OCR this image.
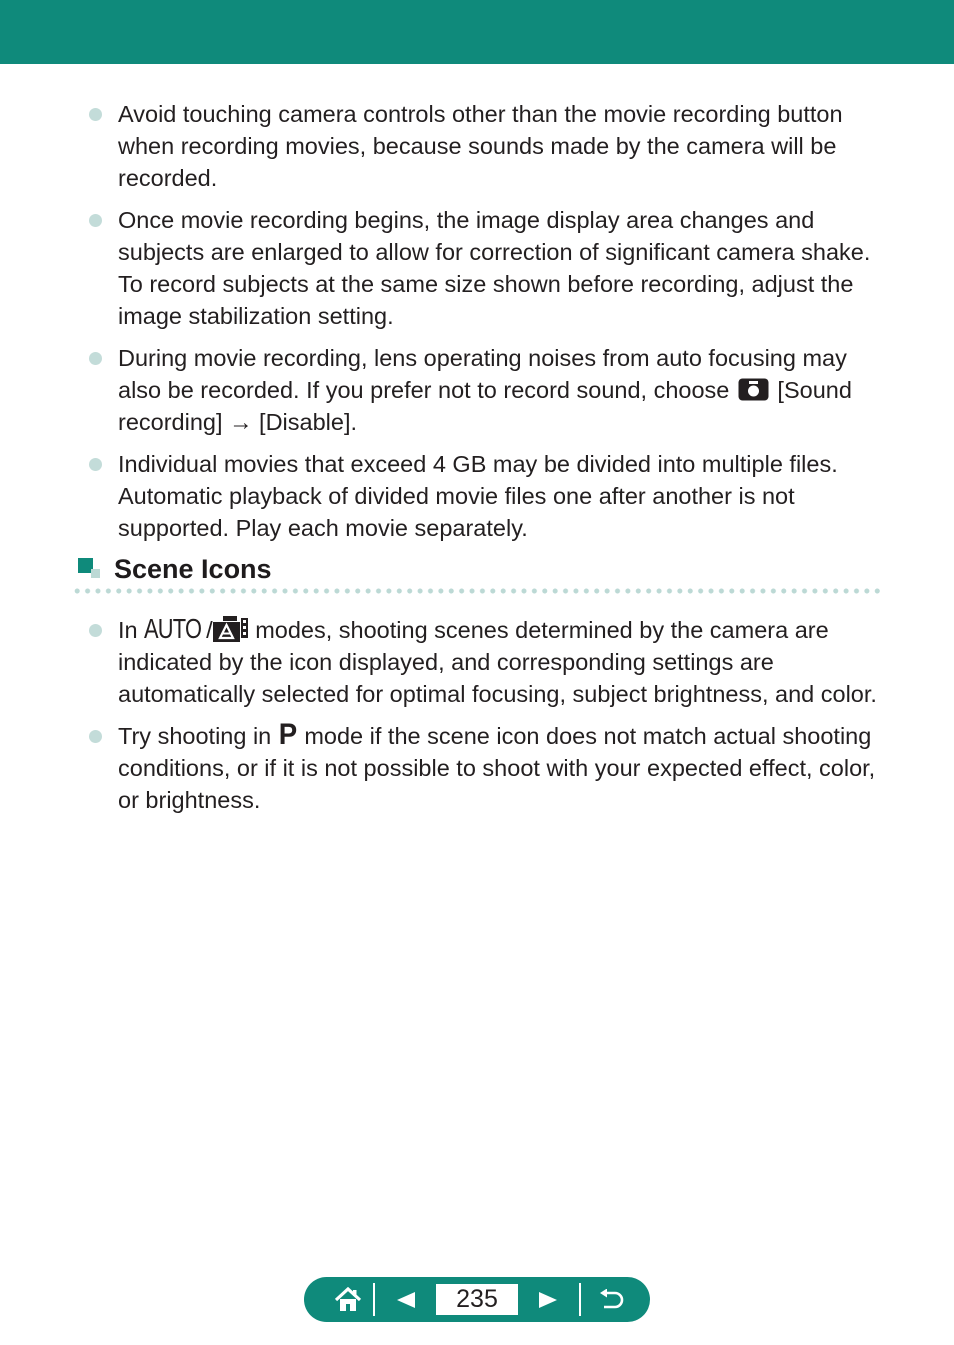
Avoid touching camera controls other than the movie recording button when recording movies, because sounds made by the camera will be recorded.
Once movie recording begins, the image display area changes and subjects are enlarged to allow for correction of significant camera shake. To record subjects at the same size shown before recording, adjust the image stabilization setting.
During movie recording, lens operating noises from auto focusing may also be recorded. If you prefer not to record sound, choose  [Sound recording] → [Disable].
Individual movies that exceed 4 GB may be divided into multiple files. Automatic playback of divided movie files one after another is not supported. Play each movie separately.
Scene Icons
In AUTO / modes, shooting scenes determined by the camera are indicated by the icon displayed, and corresponding settings are automatically selected for optimal focusing, subject brightness, and color.
Try shooting in P mode if the scene icon does not match actual shooting conditions, or if it is not possible to shoot with your expected effect, color, or brightness.
235
